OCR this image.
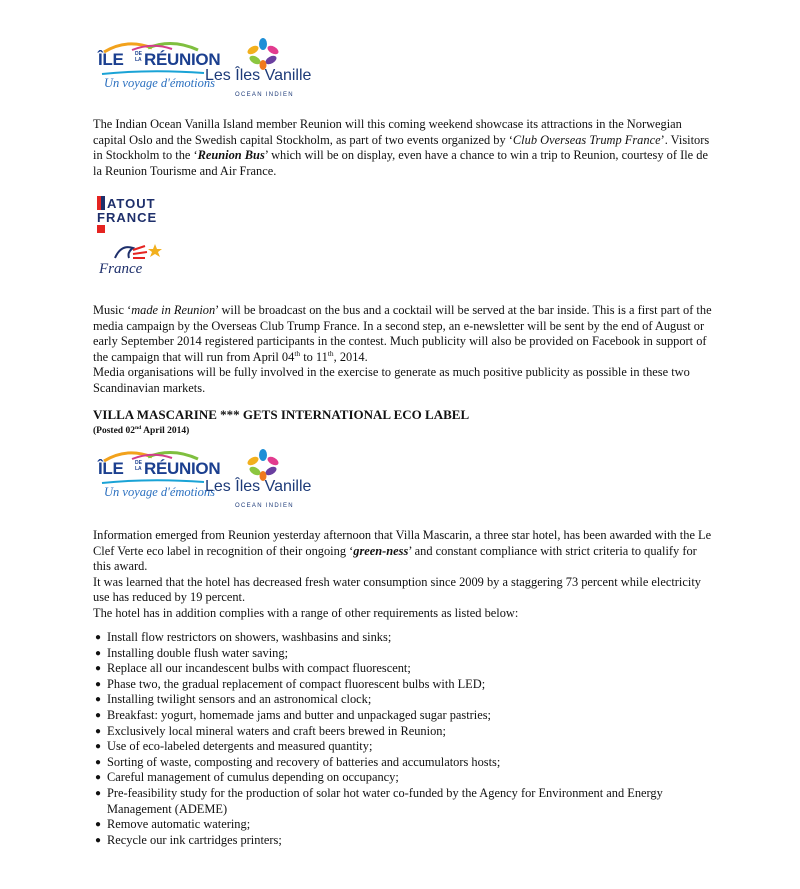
ÎLE DE
LA RÉUNION
Un voyage d'émotions
Les Îles Vanille
OCEAN INDIEN

The Indian Ocean Vanilla Island member Reunion will this coming weekend showcase its attractions in the Norwegian capital Oslo and the Swedish capital Stockholm, as part of two events organized by ‘Club Overseas Trump France’. Visitors in Stockholm to the ‘Reunion Bus’ which will be on display, even have a chance to win a trip to Reunion, courtesy of Ile de la Reunion Tourisme and Air France.

ATOUT
FRANCE
France

Music ‘made in Reunion’ will be broadcast on the bus and a cocktail will be served at the bar inside. This is a first part of the media campaign by the Overseas Club Trump France. In a second step, an e-newsletter will be sent by the end of August or early September 2014 registered participants in the contest. Much publicity will also be provided on Facebook in support of the campaign that will run from April 04th to 11th, 2014.

Media organisations will be fully involved in the exercise to generate as much positive publicity as possible in these two Scandinavian markets.

VILLA MASCARINE *** GETS INTERNATIONAL ECO LABEL
(Posted 02nd April 2014)
ÎLE DE
LA RÉUNION
Un voyage d'émotions
Les Îles Vanille
OCEAN INDIEN

Information emerged from Reunion yesterday afternoon that Villa Mascarin, a three star hotel, has been awarded with the Le Clef Verte eco label in recognition of their ongoing ‘green-ness’ and constant compliance with strict criteria to qualify for this award.

It was learned that the hotel has decreased fresh water consumption since 2009 by a staggering 73 percent while electricity use has reduced by 19 percent.

The hotel has in addition complies with a range of other requirements as listed below:

● Install flow restrictors on showers, washbasins and sinks;
● Installing double flush water saving;
● Replace all our incandescent bulbs with compact fluorescent;
● Phase two, the gradual replacement of compact fluorescent bulbs with LED;
● Installing twilight sensors and an astronomical clock;
● Breakfast: yogurt, homemade jams and butter and unpackaged sugar pastries;
● Exclusively local mineral waters and craft beers brewed in Reunion;
● Use of eco-labeled detergents and measured quantity;
● Sorting of waste, composting and recovery of batteries and accumulators hosts;
● Careful management of cumulus depending on occupancy;
● Pre-feasibility study for the production of solar hot water co-funded by the Agency for Environment and Energy Management (ADEME)
● Remove automatic watering;
● Recycle our ink cartridges printers;
